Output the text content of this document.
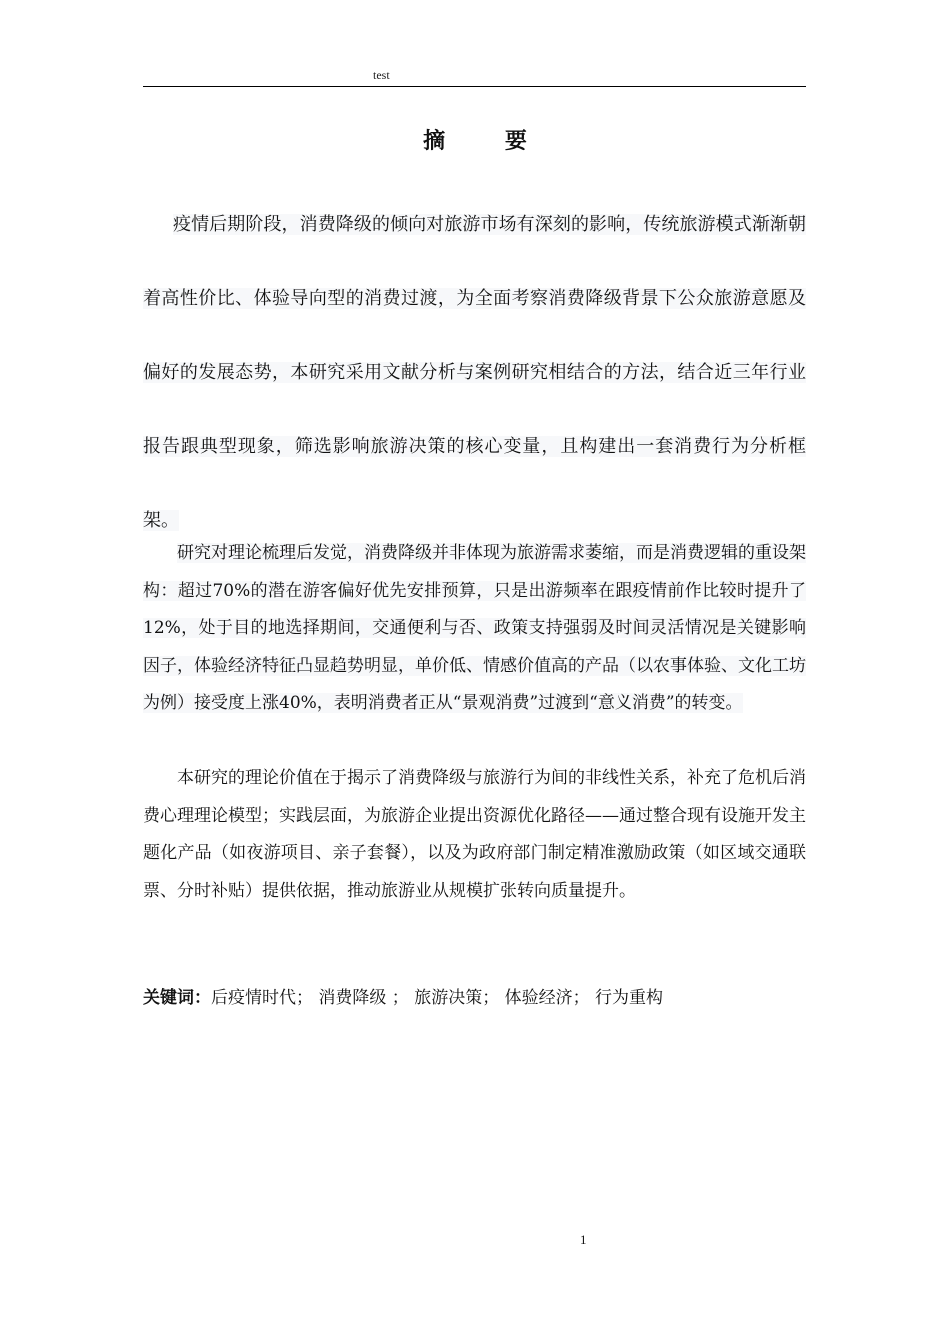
test
摘 要
疫情后期阶段，消费降级的倾向对旅游市场有深刻的影响，传统旅游模式渐渐朝着高性价比、体验导向型的消费过渡，为全面考察消费降级背景下公众旅游意愿及偏好的发展态势，本研究采用文献分析与案例研究相结合的方法，结合近三年行业报告跟典型现象，筛选影响旅游决策的核心变量，且构建出一套消费行为分析框架。
研究对理论梳理后发觉，消费降级并非体现为旅游需求萎缩，而是消费逻辑的重设架构：超过70%的潜在游客偏好优先安排预算，只是出游频率在跟疫情前作比较时提升了12%，处于目的地选择期间，交通便利与否、政策支持强弱及时间灵活情况是关键影响因子，体验经济特征凸显趋势明显，单价低、情感价值高的产品（以农事体验、文化工坊为例）接受度上涨40%，表明消费者正从“景观消费”过渡到“意义消费”的转变。
本研究的理论价值在于揭示了消费降级与旅游行为间的非线性关系，补充了危机后消费心理理论模型；实践层面，为旅游企业提出资源优化路径——通过整合现有设施开发主题化产品（如夜游项目、亲子套餐），以及为政府部门制定精准激励政策（如区域交通联票、分时补贴）提供依据，推动旅游业从规模扩张转向质量提升。
关键词：后疫情时代； 消费降级 ； 旅游决策； 体验经济； 行为重构
1
